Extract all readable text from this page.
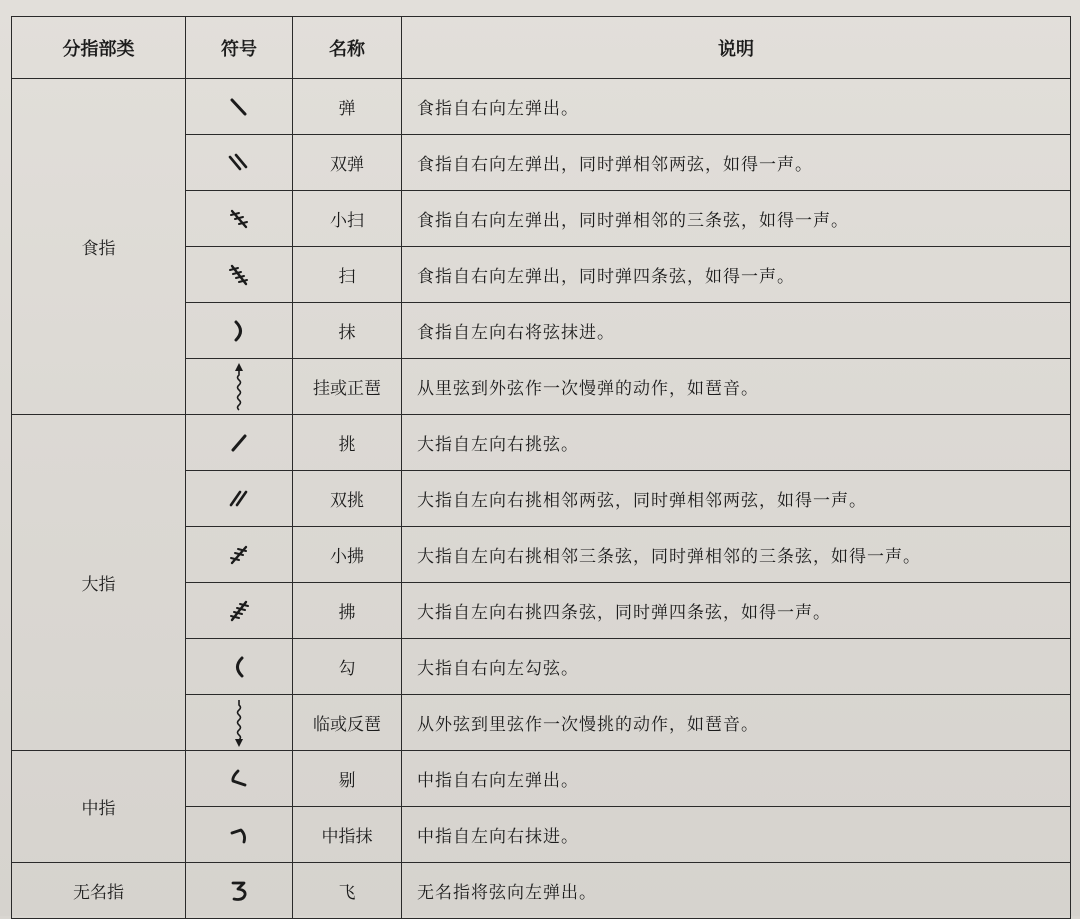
分指部类	符号	名称	说明
食指		弹	食指自右向左弹出。

	双弹	食指自右向左弹出，同时弹相邻两弦，如得一声。

	小扫	食指自右向左弹出，同时弹相邻的三条弦，如得一声。

	扫	食指自右向左弹出，同时弹四条弦，如得一声。

	抹	食指自左向右将弦抹进。

	挂或正琶	从里弦到外弦作一次慢弹的动作，如琶音。
大指		挑	大指自左向右挑弦。

	双挑	大指自左向右挑相邻两弦，同时弹相邻两弦，如得一声。

	小拂	大指自左向右挑相邻三条弦，同时弹相邻的三条弦，如得一声。

	拂	大指自左向右挑四条弦，同时弹四条弦，如得一声。

	勾	大指自右向左勾弦。

	临或反琶	从外弦到里弦作一次慢挑的动作，如琶音。
中指		剔	中指自右向左弹出。

	中指抹	中指自左向右抹进。
无名指		飞	无名指将弦向左弹出。
